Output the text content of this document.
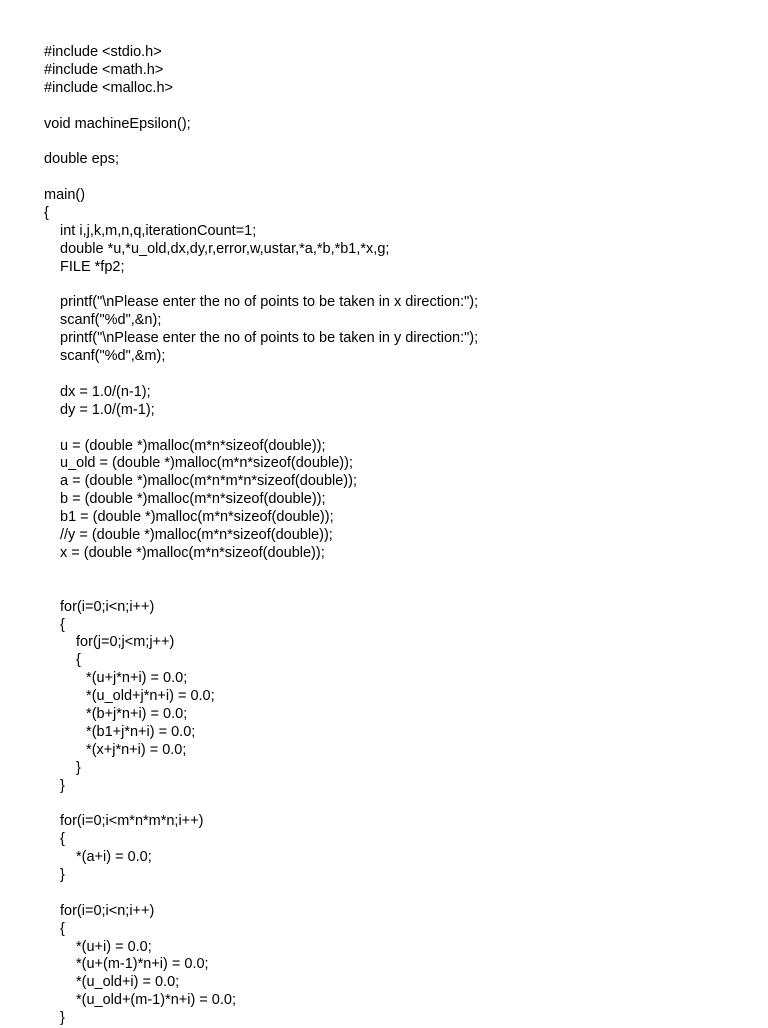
#include <stdio.h>
#include <math.h>
#include <malloc.h>
void machineEpsilon();
double eps;
main()
{
int i,j,k,m,n,q,iterationCount=1;
double *u,*u_old,dx,dy,r,error,w,ustar,*a,*b,*b1,*x,g;
FILE *fp2;
printf("\nPlease enter the no of points to be taken in x direction:");
scanf("%d",&n);
printf("\nPlease enter the no of points to be taken in y direction:");
scanf("%d",&m);
dx = 1.0/(n-1);
dy = 1.0/(m-1);
u = (double *)malloc(m*n*sizeof(double));
u_old = (double *)malloc(m*n*sizeof(double));
a = (double *)malloc(m*n*m*n*sizeof(double));
b = (double *)malloc(m*n*sizeof(double));
b1 = (double *)malloc(m*n*sizeof(double));
//y = (double *)malloc(m*n*sizeof(double));
x = (double *)malloc(m*n*sizeof(double));
for(i=0;i<n;i++)
{
for(j=0;j<m;j++)
{
*(u+j*n+i) = 0.0;
*(u_old+j*n+i) = 0.0;
*(b+j*n+i) = 0.0;
*(b1+j*n+i) = 0.0;
*(x+j*n+i) = 0.0;
}
}
for(i=0;i<m*n*m*n;i++)
{
*(a+i) = 0.0;
}
for(i=0;i<n;i++)
{
*(u+i) = 0.0;
*(u+(m-1)*n+i) = 0.0;
*(u_old+i) = 0.0;
*(u_old+(m-1)*n+i) = 0.0;
}
